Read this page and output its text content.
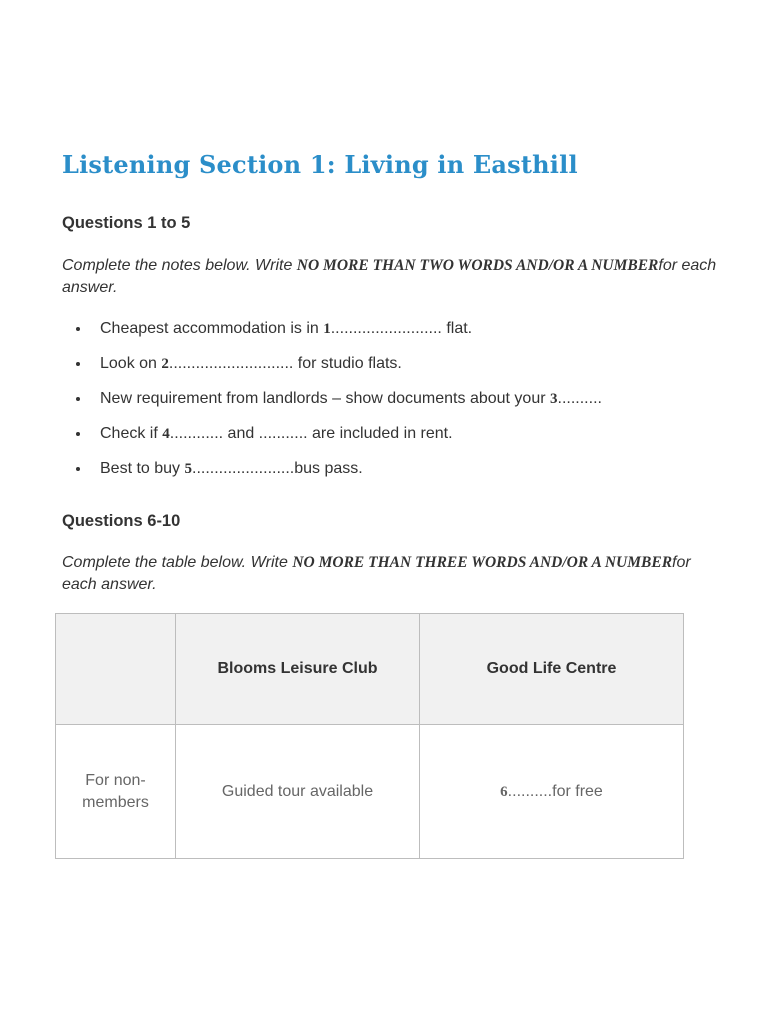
Listening Section 1: Living in Easthill
Questions 1 to 5

Complete the notes below. Write NO MORE THAN TWO WORDS AND/OR A NUMBERfor each answer.

Cheapest accommodation is in 1......................... flat.
Look on 2............................ for studio flats.
New requirement from landlords – show documents about your 3..........
Check if 4............ and ........... are included in rent.
Best to buy 5.......................bus pass.
Questions 6-10

Complete the table below. Write NO MORE THAN THREE WORDS AND/OR A NUMBERfor each answer.

	Blooms Leisure Club	Good Life Centre
For non-
members	Guided tour available	6..........for free
